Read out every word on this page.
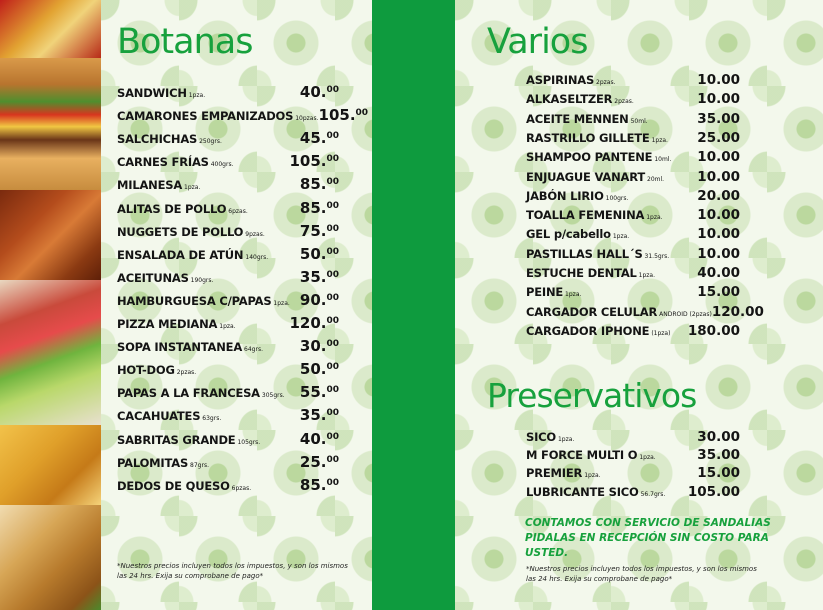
Botanas	Varios
Preservativos
SANDWICH 1pza.	40.00
CAMARONES EMPANIZADOS 10pzas. 105.00
SALCHICHAS 250grs.	45.00
CARNES FRÍAS 400grs.	105.00
MILANESA 1pza.	85.00
ALITAS DE POLLO 6pzas.	85.00
NUGGETS DE POLLO 9pzas. 75.00
ENSALADA DE ATÚN 140grs. 50.00
ACEITUNAS 190grs.	35.00
HAMBURGUESA C/PAPAS 1pza. 90.00
PIZZA MEDIANA 1pza.	120.00
SOPA INSTANTANEA 64grs. 30.00
HOT-DOG 2pzas.	50.00
PAPAS A LA FRANCESA 305grs. 55.00
CACAHUATES 63grs.	35.00
SABRITAS GRANDE 105grs.	40.00
PALOMITAS 87grs.	25.00
DEDOS DE QUESO 6pzas.	85.00
ASPIRINAS 2pzas.	10.00
ALKASELTZER 2pzas.	10.00
ACEITE MENNEN 50ml.	35.00
RASTRILLO GILLETE 1pza. 25.00
SHAMPOO PANTENE 10ml. 10.00
ENJUAGUE VANART 20ml. 10.00
JABÓN LIRIO 100grs.	20.00
TOALLA FEMENINA 1pza.	10.00
GEL p/cabello 1pza.	10.00
PASTILLAS HALL´S 31.5grs. 10.00
ESTUCHE DENTAL 1pza.	40.00
PEINE 1pza.	15.00
CARGADOR CELULAR ANDROID (2pzas) 120.00
CARGADOR IPHONE (1pza) 180.00
SICO 1pza.	30.00
M FORCE MULTI O 1pza.	35.00
PREMIER 1pza.	15.00
LUBRICANTE SICO 56.7grs. 105.00
CONTAMOS CON SERVICIO DE SANDALIAS PIDALAS EN RECEPCIÓN SIN COSTO PARA USTED.
*Nuestros precios incluyen todos los impuestos, y son los mismos las 24 hrs. Exija su comprobane de pago*
*Nuestros precios incluyen todos los impuestos, y son los mismos las 24 hrs. Exija su comprobane de pago*
